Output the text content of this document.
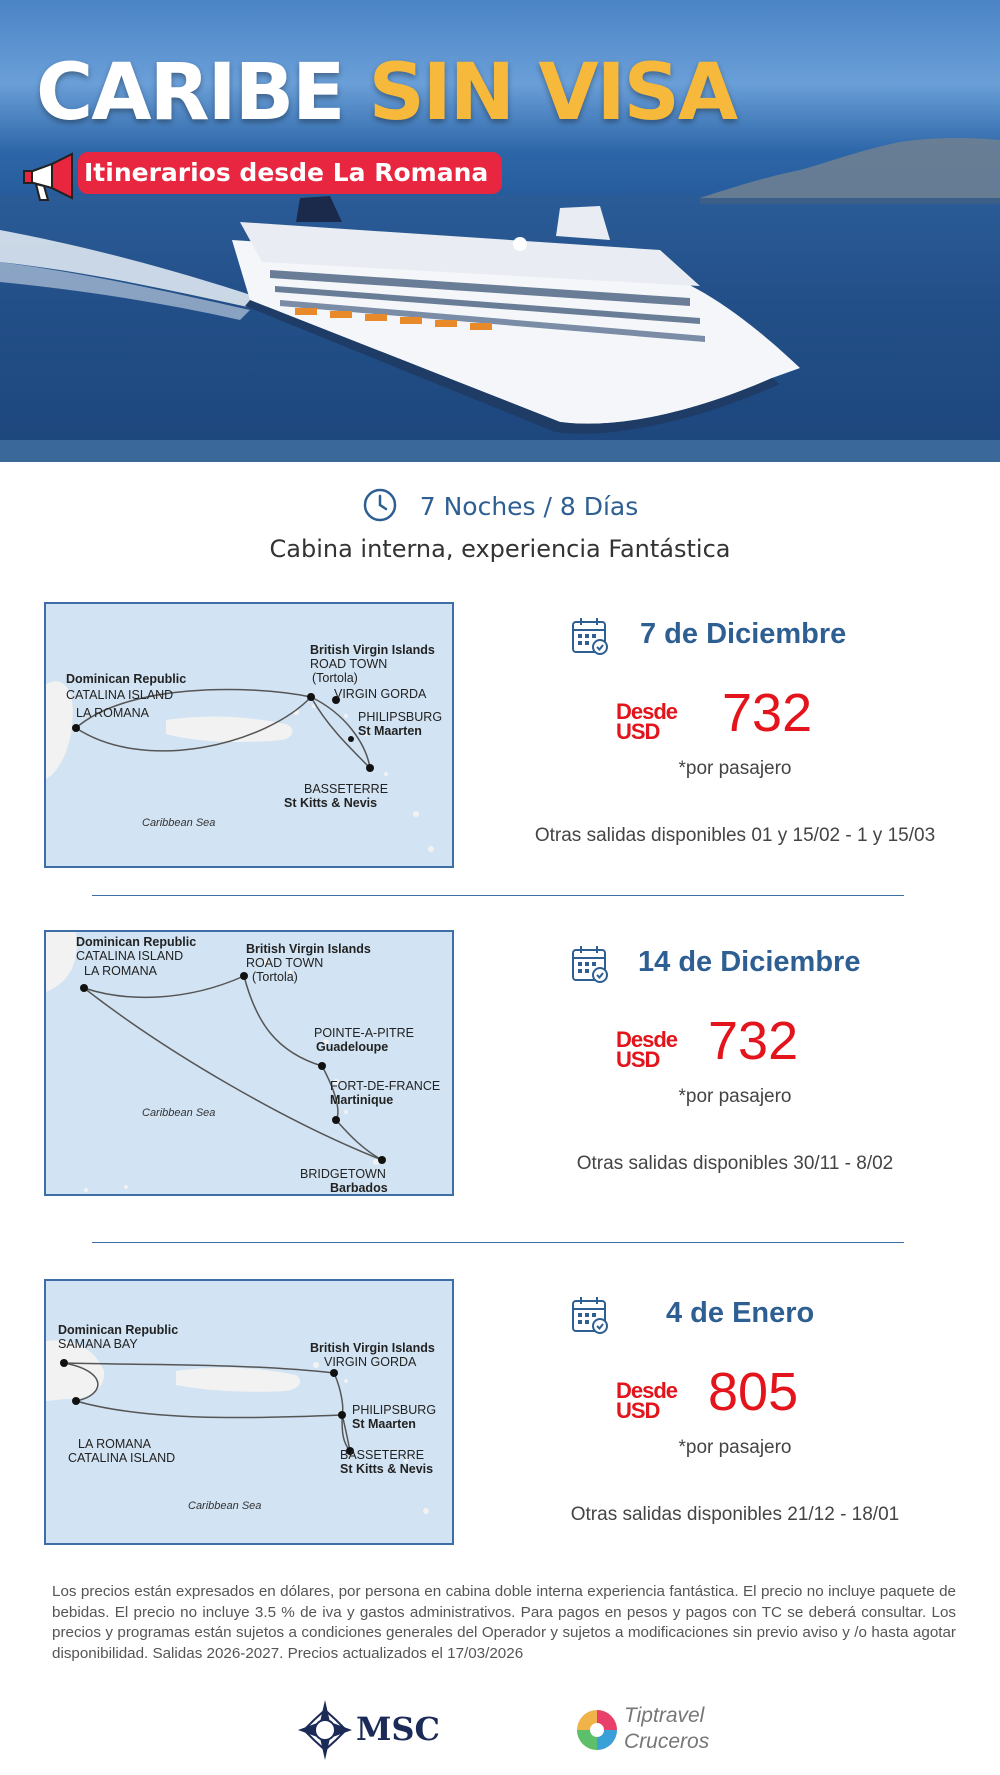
CARIBE SIN VISA
Itinerarios desde La Romana
7 Noches / 8 Días
Cabina interna, experiencia Fantástica
Dominican Republic
CATALINA ISLAND
LA ROMANA
British Virgin Islands
ROAD TOWN
(Tortola)
VIRGIN GORDA
PHILIPSBURG
St Maarten
BASSETERRE
St Kitts & Nevis
Caribbean Sea
7 de Diciembre
Desde
USD	732
*por pasajero
Otras salidas disponibles 01 y 15/02 - 1 y 15/03
Dominican Republic
CATALINA ISLAND
LA ROMANA
British Virgin Islands
ROAD TOWN
(Tortola)
POINTE-A-PITRE
Guadeloupe
FORT-DE-FRANCE
Martinique
BRIDGETOWN
Barbados
Caribbean Sea
14 de Diciembre
Desde
USD 732
*por pasajero
Otras salidas disponibles 30/11 - 8/02
Dominican Republic
SAMANA BAY	British Virgin Islands
VIRGIN GORDA
PHILIPSBURG
St Maarten
BASSETERRE
St Kitts & Nevis
LA ROMANA
CATALINA ISLAND
Caribbean Sea
4 de Enero
Desde
USD 805
*por pasajero
Otras salidas disponibles 21/12 - 18/01
Los precios están expresados en dólares, por persona en cabina doble interna experiencia fantástica. El precio no incluye paquete de bebidas. El precio no incluye 3.5 % de iva y gastos administrativos. Para pagos en pesos y pagos con TC se deberá consultar. Los precios y programas están sujetos a condiciones generales del Operador y sujetos a modificaciones sin previo aviso y /o hasta agotar disponibilidad. Salidas 2026-2027. Precios actualizados el 17/03/2026
MSC	Tiptravel
Cruceros
